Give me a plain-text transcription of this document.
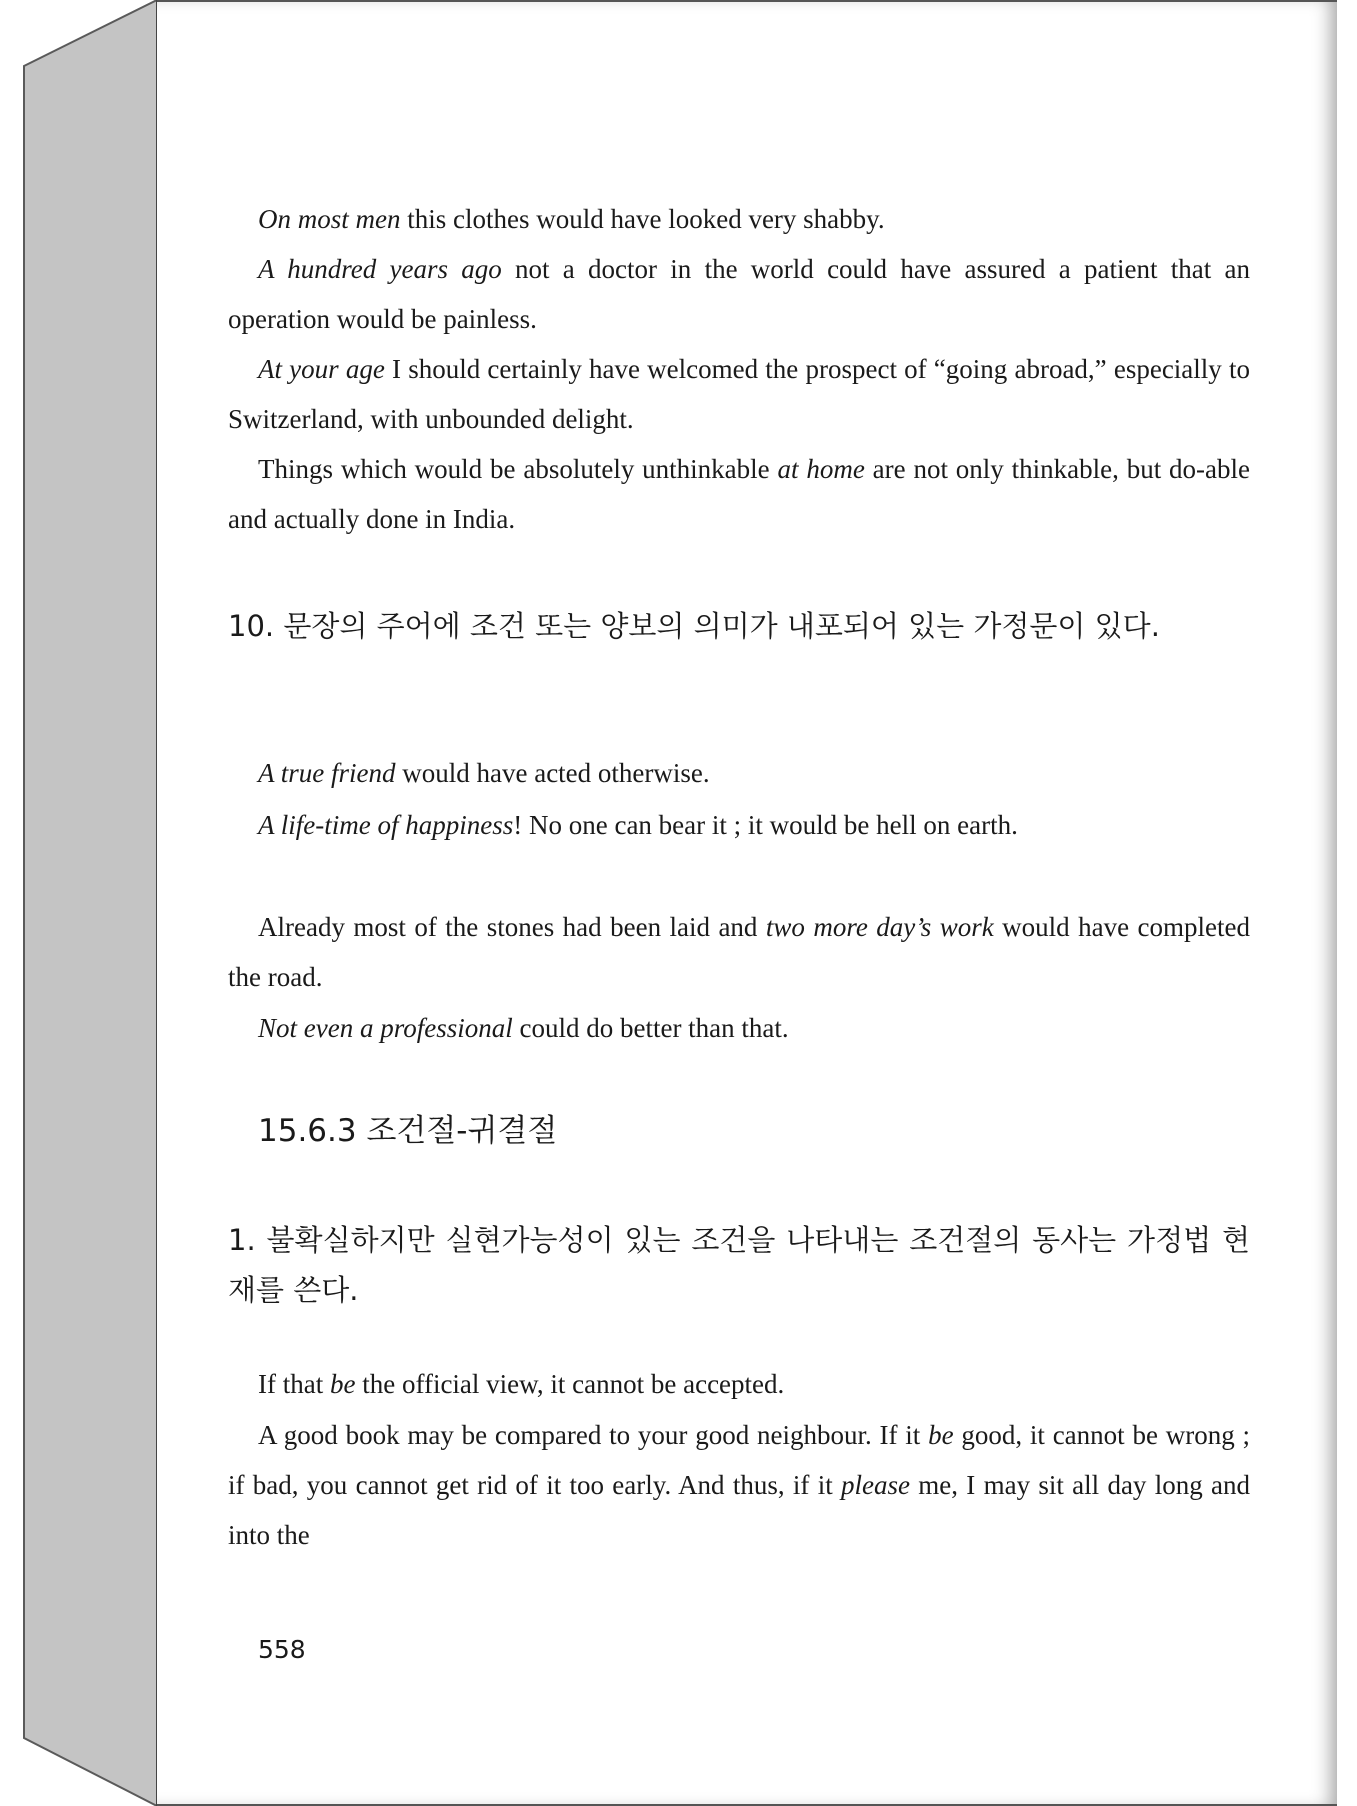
On most men this clothes would have looked very shabby.

A hundred years ago not a doctor in the world could have assured a patient that an operation would be painless.

At your age I should certainly have welcomed the prospect of “going abroad,” especially to Switzerland, with unbounded delight.

Things which would be absolutely unthinkable at home are not only thinkable, but do-able and actually done in India.

10. 문장의 주어에 조건 또는 양보의 의미가 내포되어 있는 가정문이 있다.

A true friend would have acted otherwise.

A life-time of happiness! No one can bear it ; it would be hell on earth.

Already most of the stones had been laid and two more day’s work would have completed the road.

Not even a professional could do better than that.

15.6.3 조건절-귀결절

1. 불확실하지만 실현가능성이 있는 조건을 나타내는 조건절의 동사는 가정법 현재를 쓴다.

If that be the official view, it cannot be accepted.

A good book may be compared to your good neighbour. If it be good, it cannot be wrong ; if bad, you cannot get rid of it too early. And thus, if it please me, I may sit all day long and into the

558
